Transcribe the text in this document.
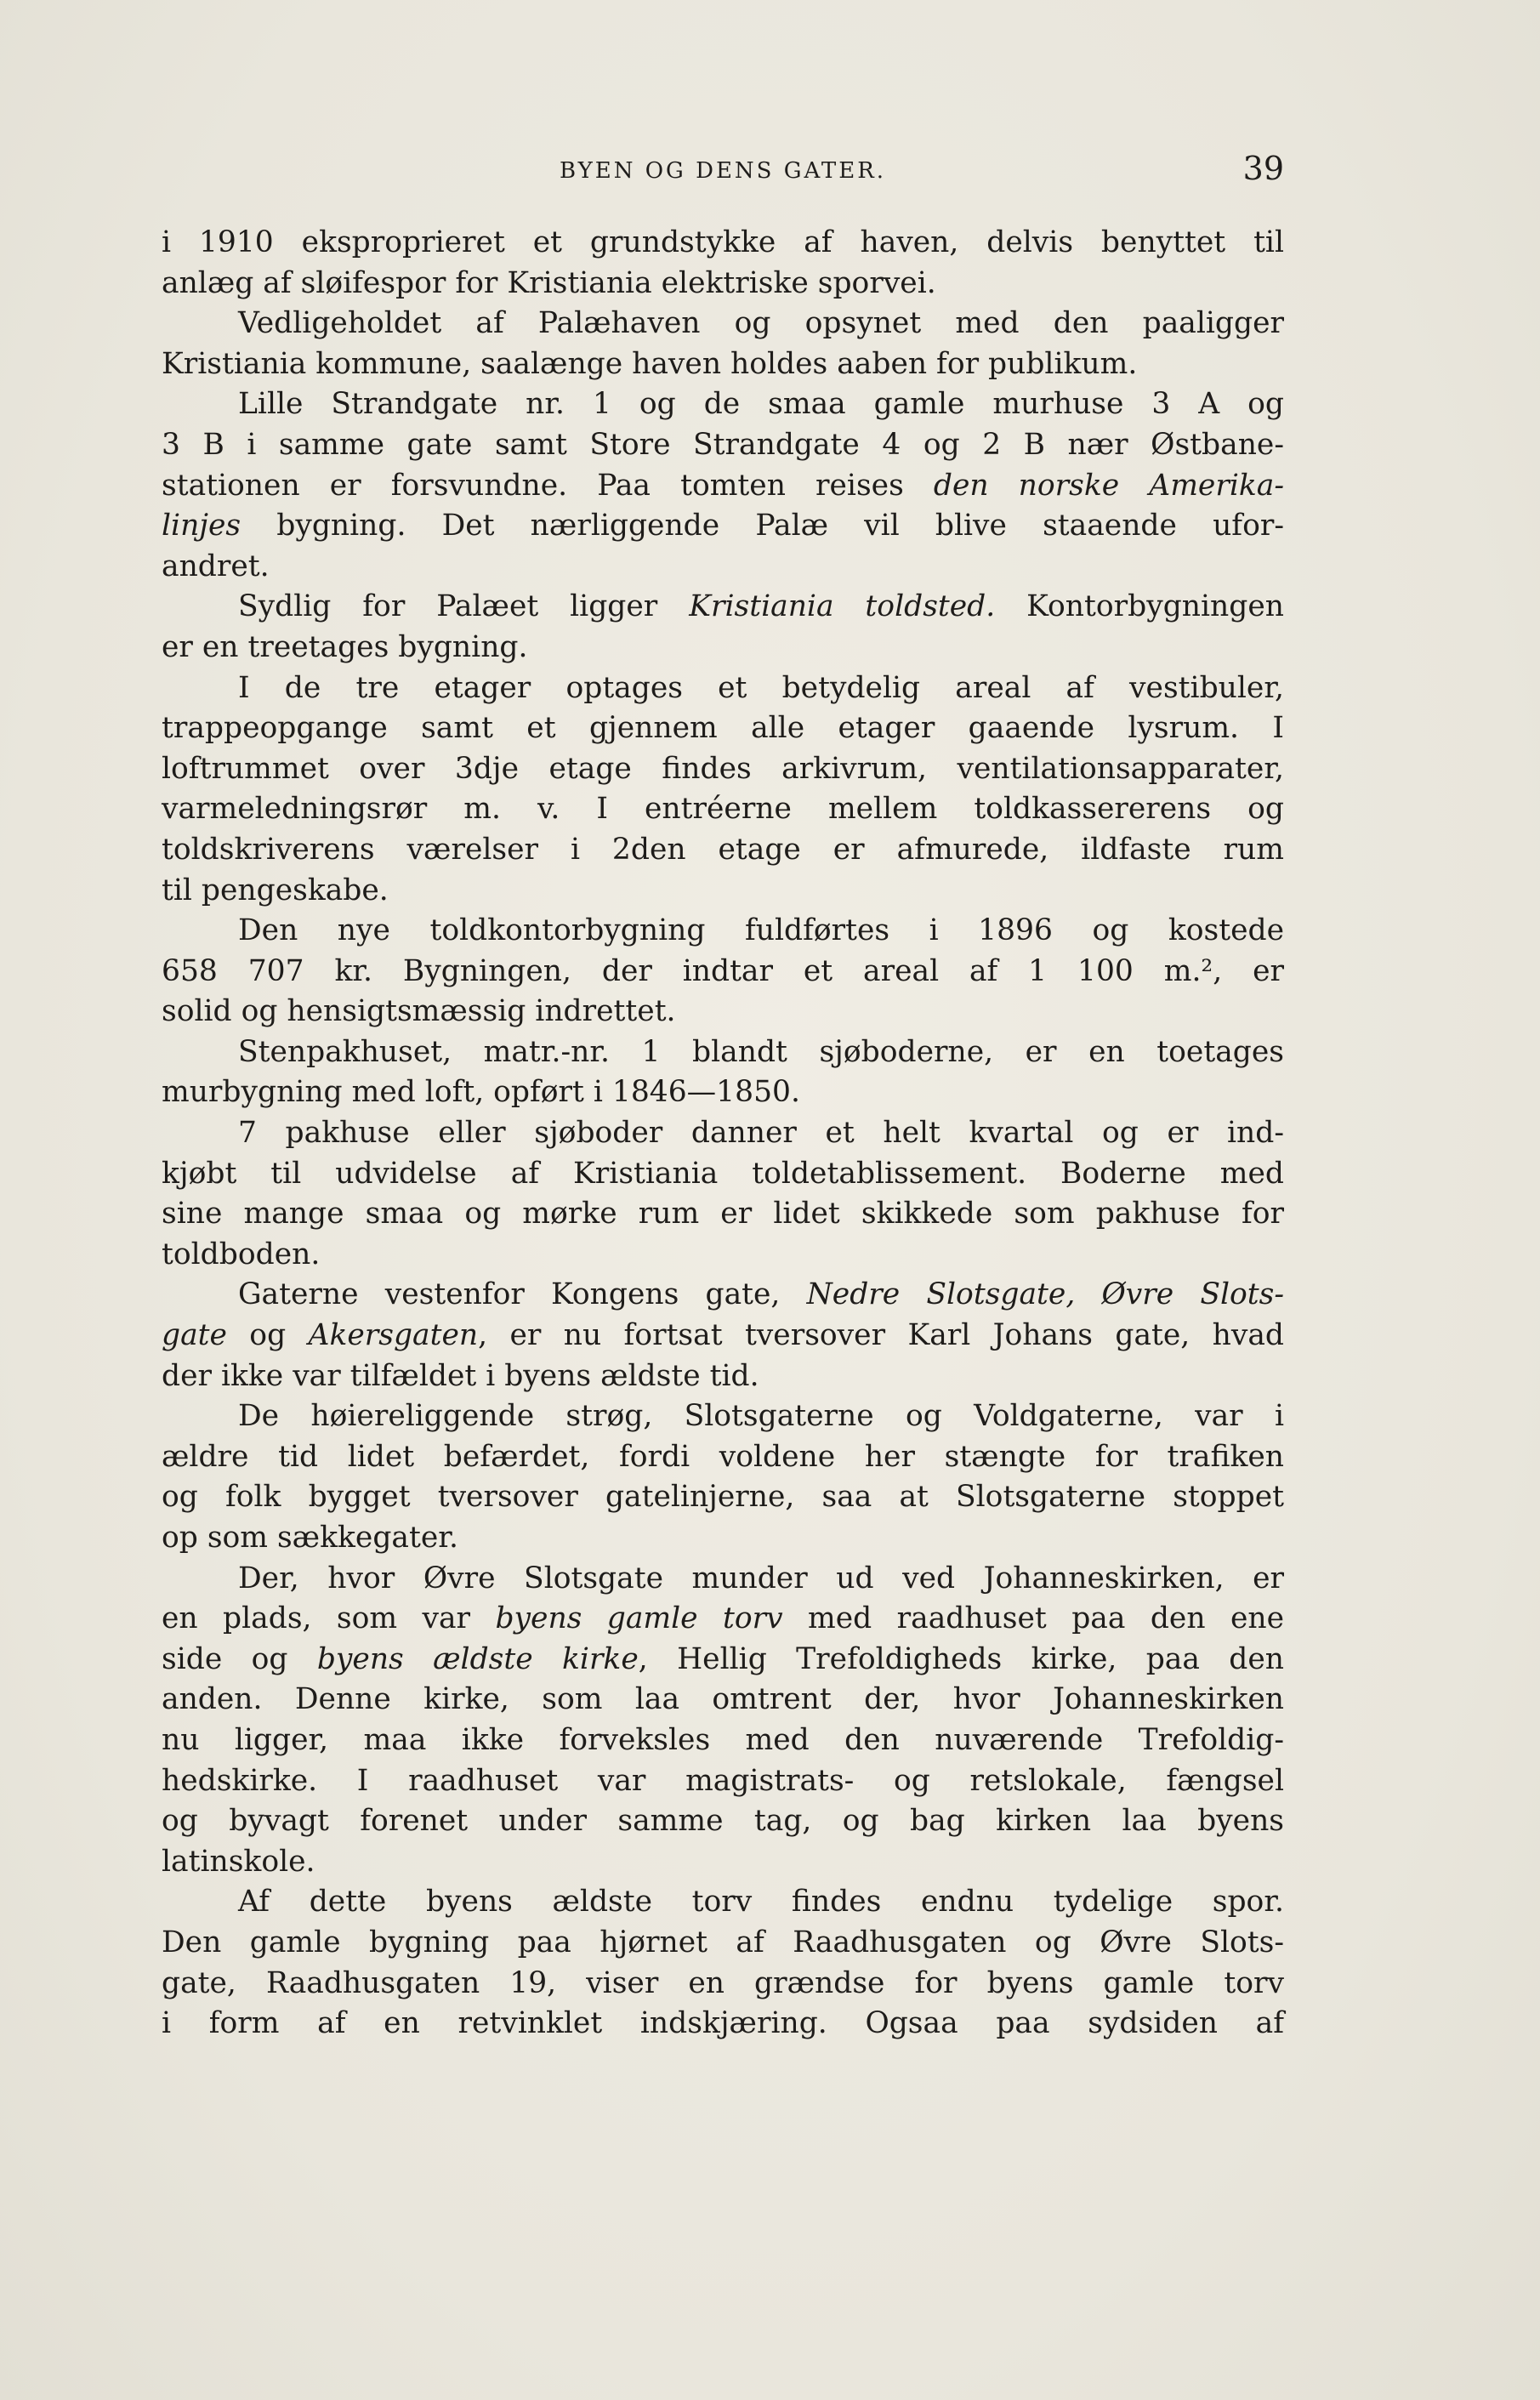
BYEN OG DENS GATER.	39
i 1910 eksproprieret et grundstykke af haven, delvis benyttet til
anlæg af sløifespor for Kristiania elektriske sporvei.
Vedligeholdet af Palæhaven og opsynet med den paaligger
Kristiania kommune, saalænge haven holdes aaben for publikum.
Lille Strandgate nr. 1 og de smaa gamle murhuse 3 A og
3 B i samme gate samt Store Strandgate 4 og 2 B nær Østbane-
stationen er forsvundne. Paa tomten reises den norske Amerika-
linjes bygning. Det nærliggende Palæ vil blive staaende ufor-
andret.
Sydlig for Palæet ligger Kristiania toldsted. Kontorbygningen
er en treetages bygning.
I de tre etager optages et betydelig areal af vestibuler,
trappeopgange samt et gjennem alle etager gaaende lysrum. I
loftrummet over 3dje etage findes arkivrum, ventilationsapparater,
varmeledningsrør m. v. I entréerne mellem toldkassererens og
toldskriverens værelser i 2den etage er afmurede, ildfaste rum
til pengeskabe.
Den nye toldkontorbygning fuldførtes i 1896 og kostede
658 707 kr. Bygningen, der indtar et areal af 1 100 m.², er
solid og hensigtsmæssig indrettet.
Stenpakhuset, matr.-nr. 1 blandt sjøboderne, er en toetages
murbygning med loft, opført i 1846—1850.
7 pakhuse eller sjøboder danner et helt kvartal og er ind-
kjøbt til udvidelse af Kristiania toldetablissement. Boderne med
sine mange smaa og mørke rum er lidet skikkede som pakhuse for
toldboden.
Gaterne vestenfor Kongens gate, Nedre Slotsgate, Øvre Slots-
gate og Akersgaten, er nu fortsat tversover Karl Johans gate, hvad
der ikke var tilfældet i byens ældste tid.
De høiereliggende strøg, Slotsgaterne og Voldgaterne, var i
ældre tid lidet befærdet, fordi voldene her stængte for trafiken
og folk bygget tversover gatelinjerne, saa at Slotsgaterne stoppet
op som sækkegater.
Der, hvor Øvre Slotsgate munder ud ved Johanneskirken, er
en plads, som var byens gamle torv med raadhuset paa den ene
side og byens ældste kirke, Hellig Trefoldigheds kirke, paa den
anden. Denne kirke, som laa omtrent der, hvor Johanneskirken
nu ligger, maa ikke forveksles med den nuværende Trefoldig-
hedskirke. I raadhuset var magistrats- og retslokale, fængsel
og byvagt forenet under samme tag, og bag kirken laa byens
latinskole.
Af dette byens ældste torv findes endnu tydelige spor.
Den gamle bygning paa hjørnet af Raadhusgaten og Øvre Slots-
gate, Raadhusgaten 19, viser en grændse for byens gamle torv
i form af en retvinklet indskjæring. Ogsaa paa sydsiden af
